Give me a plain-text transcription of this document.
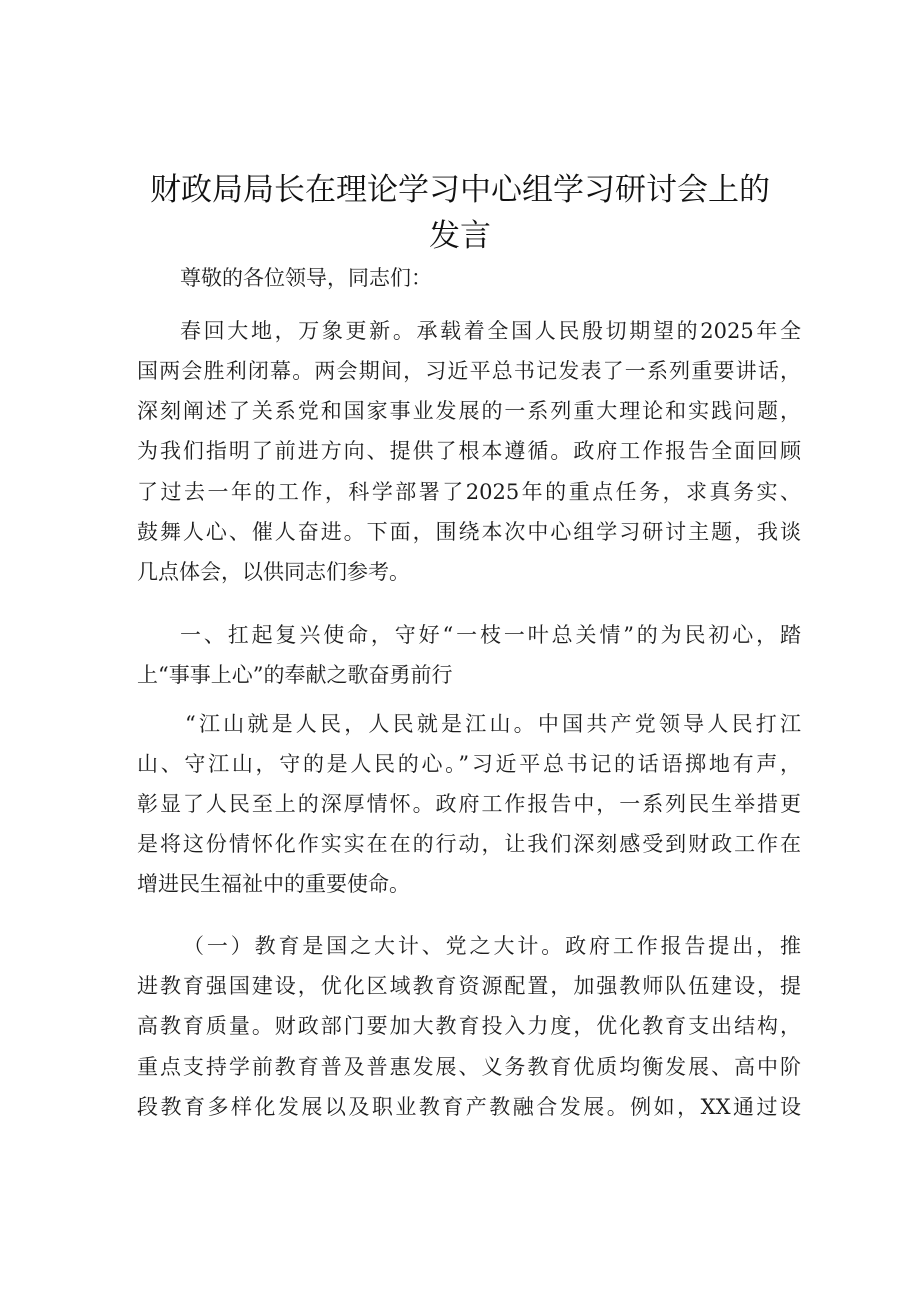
财政局局长在理论学习中心组学习研讨会上的
发言

尊敬的各位领导，同志们：

春回大地，万象更新。承载着全国人民殷切期望的2025年全

国两会胜利闭幕。两会期间，习近平总书记发表了一系列重要讲话，

深刻阐述了关系党和国家事业发展的一系列重大理论和实践问题，

为我们指明了前进方向、提供了根本遵循。政府工作报告全面回顾

了过去一年的工作，科学部署了2025年的重点任务，求真务实、

鼓舞人心、催人奋进。下面，围绕本次中心组学习研讨主题，我谈

几点体会，以供同志们参考。

一、扛起复兴使命，守好“一枝一叶总关情”的为民初心，踏

上“事事上心”的奉献之歌奋勇前行

“江山就是人民，人民就是江山。中国共产党领导人民打江

山、守江山，守的是人民的心。”习近平总书记的话语掷地有声，

彰显了人民至上的深厚情怀。政府工作报告中，一系列民生举措更

是将这份情怀化作实实在在的行动，让我们深刻感受到财政工作在

增进民生福祉中的重要使命。

（一）教育是国之大计、党之大计。政府工作报告提出，推

进教育强国建设，优化区域教育资源配置，加强教师队伍建设，提

高教育质量。财政部门要加大教育投入力度，优化教育支出结构，

重点支持学前教育普及普惠发展、义务教育优质均衡发展、高中阶

段教育多样化发展以及职业教育产教融合发展。例如，XX通过设
